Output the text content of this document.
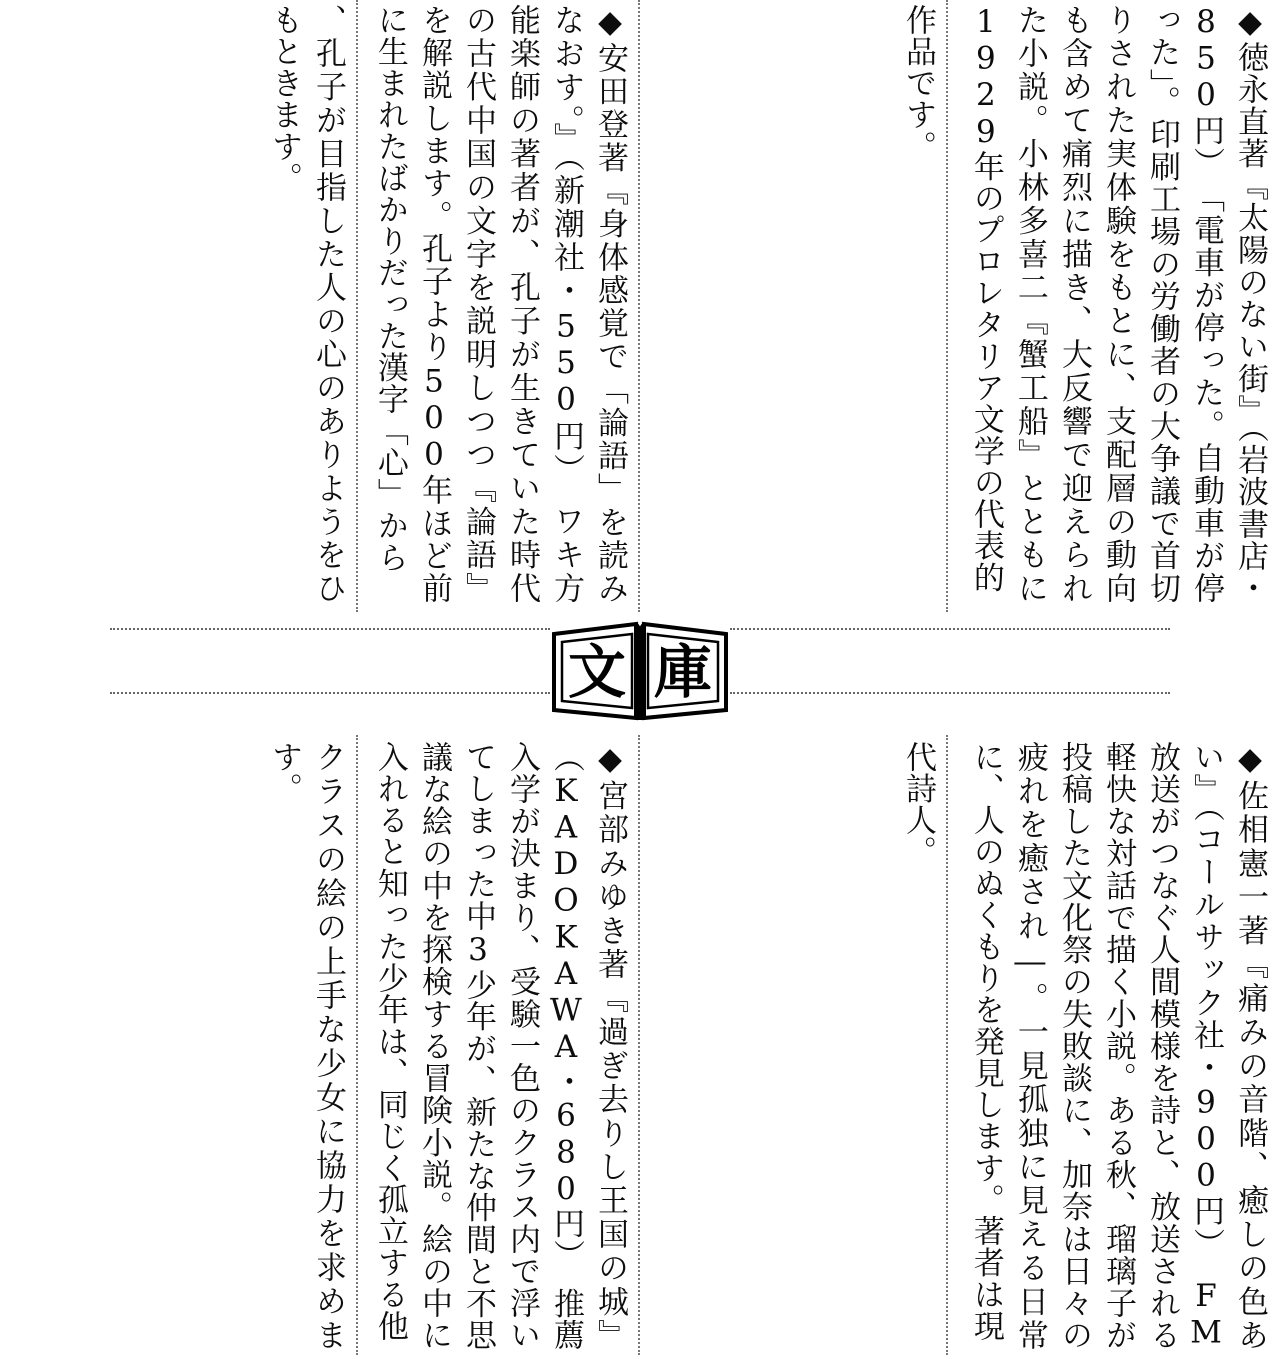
◆徳永直著『太陽のない街』（岩波書店・850円）　「電車が停った。自動車が停った」。印刷工場の労働者の大争議で首切りされた実体験をもとに、支配層の動向も含めて痛烈に描き、大反響で迎えられた小説。小林多喜二『蟹工船』とともに1929年のプロレタリア文学の代表的
作品です。
◆安田登著『身体感覚で「論語」を読みなおす。』（新潮社・550円）　ワキ方能楽師の著者が、孔子が生きていた時代の古代中国の文字を説明しつつ『論語』を解説します。孔子より500年ほど前に生まれたばかりだった漢字「心」から
、孔子が目指した人の心のありようをひもときます。
文 庫
◆佐相憲一著『痛みの音階、癒しの色あい』（コールサック社・900円）　FM放送がつなぐ人間模様を詩と、放送される軽快な対話で描く小説。ある秋、瑠璃子が投稿した文化祭の失敗談に、加奈は日々の疲れを癒され―。一見孤独に見える日常に、人のぬくもりを発見します。著者は現
代詩人。
◆宮部みゆき著『過ぎ去りし王国の城』（KADOKAWA・680円）　推薦入学が決まり、受験一色のクラス内で浮いてしまった中3少年が、新たな仲間と不思議な絵の中を探検する冒険小説。絵の中に入れると知った少年は、同じく孤立する他
クラスの絵の上手な少女に協力を求めます。
